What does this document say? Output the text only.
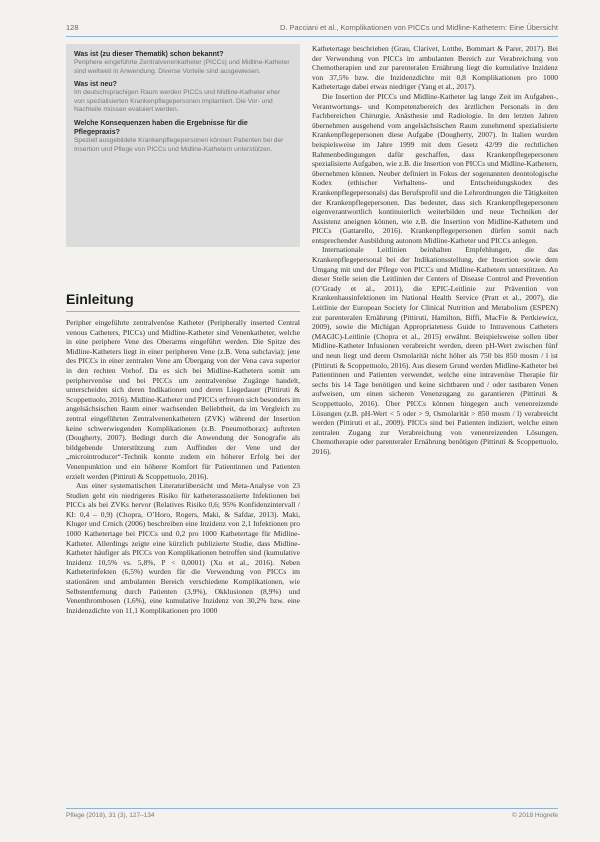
128	D. Pacciani et al., Komplikationen von PICCs und Midline-Kathetern: Eine Übersicht

Was ist (zu dieser Thematik) schon bekannt?

Periphere eingeführte Zentralvenenkatheter (PICCs) und Midline-Katheter sind weltweit in Anwendung. Diverse Vorteile sind ausgewiesen.

Was ist neu?

Im deutschsprachigen Raum werden PICCs und Midline-Katheter eher von spezialisierten Krankenpflegepersonen implantiert. Die Vor- und Nachteile müssen evaluiert werden.

Welche Konsequenzen haben die Ergebnisse für die Pflegepraxis?

Speziell ausgebildete Krankenpflegepersonen können Patienten bei der Insertion und Pflege von PICCs und Midline-Kathetern unterstützen.

Einleitung

Peripher eingeführte zentralvenöse Katheter (Peripherally inserted Central venous Catheters, PICCs) und Midline-Katheter sind Venenkatheter, welche in eine periphere Vene des Oberarms eingeführt werden. Die Spitze des Midline-Katheters liegt in einer peripheren Vene (z.B. Vena subclavia); jene des PICCs in einer zentralen Vene am Übergang von der Vena cava superior in den rechten Vorhof. Da es sich bei Midline-Kathetern somit um periphervenöse und bei PICCs um zentralvenöse Zugänge handelt, unterscheiden sich deren Indikationen und deren Liegedauer (Pittiruti & Scoppettuolo, 2016). Midline-Katheter und PICCs erfreuen sich besonders im angelsächsischen Raum einer wachsenden Beliebtheit, da im Vergleich zu zentral eingeführten Zentralvenenkathetern (ZVK) während der Insertion keine schwerwiegenden Komplikationen (z.B. Pneumothorax) auftreten (Dougherty, 2007). Bedingt durch die Anwendung der Sonografie als bildgebende Unterstützung zum Auffinden der Vene und der „microintroducer“-Technik konnte zudem ein höherer Erfolg bei der Venenpunktion und ein höherer Komfort für Patientinnen und Patienten erzielt werden (Pittiruti & Scoppettuolo, 2016).

Aus einer systematischen Literaturübersicht und Meta-Analyse von 23 Studien geht ein niedrigeres Risiko für katheterassoziierte Infektionen bei PICCs als bei ZVKs hervor (Relatives Risiko 0,6; 95% Konfidenzintervall / KI: 0,4 – 0,9) (Chopra, O’Horo, Rogers, Maki, & Safdar, 2013). Maki, Kluger und Crnich (2006) beschreiben eine Inzidenz von 2,1 Infektionen pro 1000 Kathetertage bei PICCs und 0,2 pro 1000 Kathetertage für Midline-Katheter. Allerdings zeigte eine kürzlich publizierte Studie, dass Midline-Katheter häufiger als PICCs von Komplikationen betroffen sind (kumulative Inzidenz 10,5% vs. 5,8%, P < 0,0001) (Xu et al., 2016). Neben Katheterinfekten (6,5%) wurden für die Verwendung von PICCs im stationären und ambulanten Bereich verschiedene Komplikationen, wie Selbstentfernung durch Patienten (3,9%), Okklusionen (8,9%) und Venenthrombosen (1,6%), eine kumulative Inzidenz von 30,2% bzw. eine Inzidenzdichte von 11,1 Komplikationen pro 1000

Kathetertage beschrieben (Grau, Clarivet, Lotthe, Bommart & Parer, 2017). Bei der Verwendung von PICCs im ambulanten Bereich zur Verabreichung von Chemotherapien und zur parenteralen Ernährung liegt die kumulative Inzidenz von 37,5% bzw. die Inzidenzdichte mit 0,8 Komplikationen pro 1000 Kathetertage dabei etwas niedriger (Yang et al., 2017).

Die Insertion der PICCs und Midline-Katheter lag lange Zeit im Aufgaben-, Verantwortungs- und Kompetenzbereich des ärztlichen Personals in den Fachbereichen Chirurgie, Anästhesie und Radiologie. In den letzten Jahren übernehmen ausgehend vom angelsächsischen Raum zunehmend spezialisierte Krankenpflegepersonen diese Aufgabe (Dougherty, 2007). In Italien wurden beispielsweise im Jahre 1999 mit dem Gesetz 42/99 die rechtlichen Rahmenbedingungen dafür geschaffen, dass Krankenpflegepersonen spezialisierte Aufgaben, wie z.B. die Insertion von PICCs und Midline-Kathetern, übernehmen können. Neuber definiert in Fokus der sogenannten deontologische Kodex (ethischer Verhaltens- und Entscheidungskodex des Krankenpflegepersonals) das Berufsprofil und die Lehrordnungen die Tätigkeiten der Krankenpflegepersonen. Das bedeutet, dass sich Krankenpflegepersonen eigenverantwortlich kontinuierlich weiterbilden und neue Techniken der Assistenz aneignen können, wie z.B. die Insertion von Midline-Kathetern und PICCs (Gattarello, 2016). Krankenpflegepersonen dürfen somit nach entsprechender Ausbildung autonom Midline-Katheter und PICCs anlegen.

Internationale Leitlinien beinhalten Empfehlungen, die das Krankenpflegepersonal bei der Indikationsstellung, der Insertion sowie dem Umgang mit und der Pflege von PICCs und Midline-Kathetern unterstützen. An dieser Stelle seien die Leitlinien der Centers of Disease Control and Prevention (O’Grady et al., 2011), die EPIC-Leitlinie zur Prävention von Krankenhausinfektionen im National Health Service (Pratt et al., 2007), die Leitlinie der European Society for Clinical Nutrition and Metabolism (ESPEN) zur parenteralen Ernährung (Pittiruti, Hamilton, Biffi, MacFie & Pertkiewicz, 2009), sowie die Michigan Appropriateness Guide to Intravenous Catheters (MAGIC)-Leitlinie (Chopra et al., 2015) erwähnt. Beispielsweise sollen über Midline-Katheter Infusionen verabreicht werden, deren pH-Wert zwischen fünf und neun liegt und deren Osmolarität nicht höher als 750 bis 850 mosm / l ist (Pittiruti & Scoppettuolo, 2016). Aus diesem Grund werden Midline-Katheter bei Patientinnen und Patienten verwendet, welche eine intravenöse Therapie für sechs bis 14 Tage benötigen und keine sichtbaren und / oder tastbaren Venen aufweisen, um einen sicheren Venenzugang zu garantieren (Pittiruti & Scoppettuolo, 2016). Über PICCs können hingegen auch venenreizende Lösungen (z.B. pH-Wert < 5 oder > 9, Osmolarität > 850 mosm / l) verabreicht werden (Pittiruti et al., 2009). PICCs sind bei Patienten indiziert, welche einen zentralen Zugang zur Verabreichung von venenreizenden Lösungen, Chemotherapie oder parenteraler Ernährung benötigen (Pittiruti & Scoppettuolo, 2016).

Pflege (2018), 31 (3), 127–134	© 2018 Hogrefe
